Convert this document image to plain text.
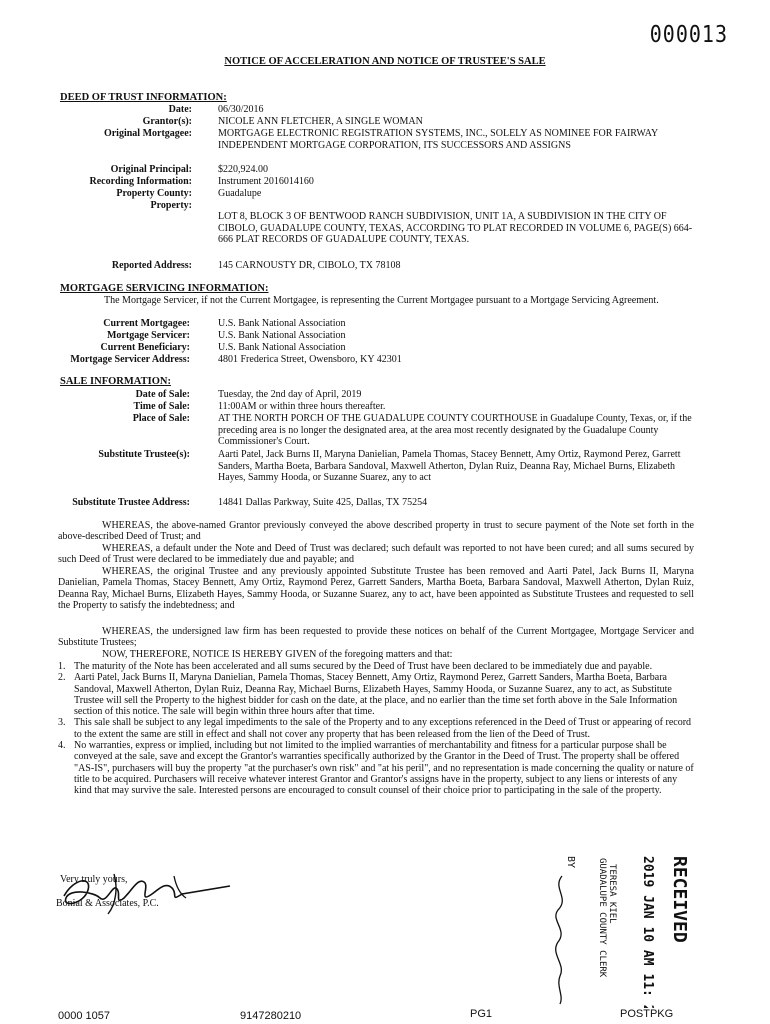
000013
NOTICE OF ACCELERATION AND NOTICE OF TRUSTEE'S SALE
DEED OF TRUST INFORMATION:
Date:	06/30/2016
Grantor(s):	NICOLE ANN FLETCHER, A SINGLE WOMAN
Original Mortgagee:	MORTGAGE ELECTRONIC REGISTRATION SYSTEMS, INC., SOLELY AS NOMINEE FOR FAIRWAY INDEPENDENT MORTGAGE CORPORATION, ITS SUCCESSORS AND ASSIGNS
Original Principal:	$220,924.00
Recording Information:	Instrument 2016014160
Property County:	Guadalupe
Property:
LOT 8, BLOCK 3 OF BENTWOOD RANCH SUBDIVISION, UNIT 1A, A SUBDIVISION IN THE CITY OF CIBOLO, GUADALUPE COUNTY, TEXAS, ACCORDING TO PLAT RECORDED IN VOLUME 6, PAGE(S) 664-666 PLAT RECORDS OF GUADALUPE COUNTY, TEXAS.
Reported Address:	145 CARNOUSTY DR, CIBOLO, TX 78108
MORTGAGE SERVICING INFORMATION:
The Mortgage Servicer, if not the Current Mortgagee, is representing the Current Mortgagee pursuant to a Mortgage Servicing Agreement.
Current Mortgagee:	U.S. Bank National Association
Mortgage Servicer:	U.S. Bank National Association
Current Beneficiary:	U.S. Bank National Association
Mortgage Servicer Address:	4801 Frederica Street, Owensboro, KY 42301
SALE INFORMATION:
Date of Sale:	Tuesday, the 2nd day of April, 2019
Time of Sale:	11:00AM or within three hours thereafter.
Place of Sale:	AT THE NORTH PORCH OF THE GUADALUPE COUNTY COURTHOUSE in Guadalupe County, Texas, or, if the preceding area is no longer the designated area, at the area most recently designated by the Guadalupe County Commissioner's Court.
Substitute Trustee(s):	Aarti Patel, Jack Burns II, Maryna Danielian, Pamela Thomas, Stacey Bennett, Amy Ortiz, Raymond Perez, Garrett Sanders, Martha Boeta, Barbara Sandoval, Maxwell Atherton, Dylan Ruiz, Deanna Ray, Michael Burns, Elizabeth Hayes, Sammy Hooda, or Suzanne Suarez, any to act
Substitute Trustee Address:	14841 Dallas Parkway, Suite 425, Dallas, TX 75254
WHEREAS, the above-named Grantor previously conveyed the above described property in trust to secure payment of the Note set forth in the above-described Deed of Trust; and
WHEREAS, a default under the Note and Deed of Trust was declared; such default was reported to not have been cured; and all sums secured by such Deed of Trust were declared to be immediately due and payable; and
WHEREAS, the original Trustee and any previously appointed Substitute Trustee has been removed and Aarti Patel, Jack Burns II, Maryna Danielian, Pamela Thomas, Stacey Bennett, Amy Ortiz, Raymond Perez, Garrett Sanders, Martha Boeta, Barbara Sandoval, Maxwell Atherton, Dylan Ruiz, Deanna Ray, Michael Burns, Elizabeth Hayes, Sammy Hooda, or Suzanne Suarez, any to act, have been appointed as Substitute Trustees and requested to sell the Property to satisfy the indebtedness; and
WHEREAS, the undersigned law firm has been requested to provide these notices on behalf of the Current Mortgagee, Mortgage Servicer and Substitute Trustees;
NOW, THEREFORE, NOTICE IS HEREBY GIVEN of the foregoing matters and that:
1. The maturity of the Note has been accelerated and all sums secured by the Deed of Trust have been declared to be immediately due and payable.
2. Aarti Patel, Jack Burns II, Maryna Danielian, Pamela Thomas, Stacey Bennett, Amy Ortiz, Raymond Perez, Garrett Sanders, Martha Boeta, Barbara Sandoval, Maxwell Atherton, Dylan Ruiz, Deanna Ray, Michael Burns, Elizabeth Hayes, Sammy Hooda, or Suzanne Suarez, any to act, as Substitute Trustee will sell the Property to the highest bidder for cash on the date, at the place, and no earlier than the time set forth above in the Sale Information section of this notice. The sale will begin within three hours after that time.
3. This sale shall be subject to any legal impediments to the sale of the Property and to any exceptions referenced in the Deed of Trust or appearing of record to the extent the same are still in effect and shall not cover any property that has been released from the lien of the Deed of Trust.
4. No warranties, express or implied, including but not limited to the implied warranties of merchantability and fitness for a particular purpose shall be conveyed at the sale, save and except the Grantor's warranties specifically authorized by the Grantor in the Deed of Trust. The property shall be offered "AS-IS", purchasers will buy the property "at the purchaser's own risk" and "at his peril", and no representation is made concerning the quality or nature of title to be acquired. Purchasers will receive whatever interest Grantor and Grantor's assigns have in the property, subject to any liens or interests of any kind that may survive the sale. Interested persons are encouraged to consult counsel of their choice prior to participating in the sale of the property.
Very truly yours,
Bonial & Associates, P.C.	RECEIVED
2019 JAN 10 AM 11: 27
TERESA KIEL
GUADALUPE COUNTY CLERK
BY
0000 1057	9147280210	PG1	POSTPKG
